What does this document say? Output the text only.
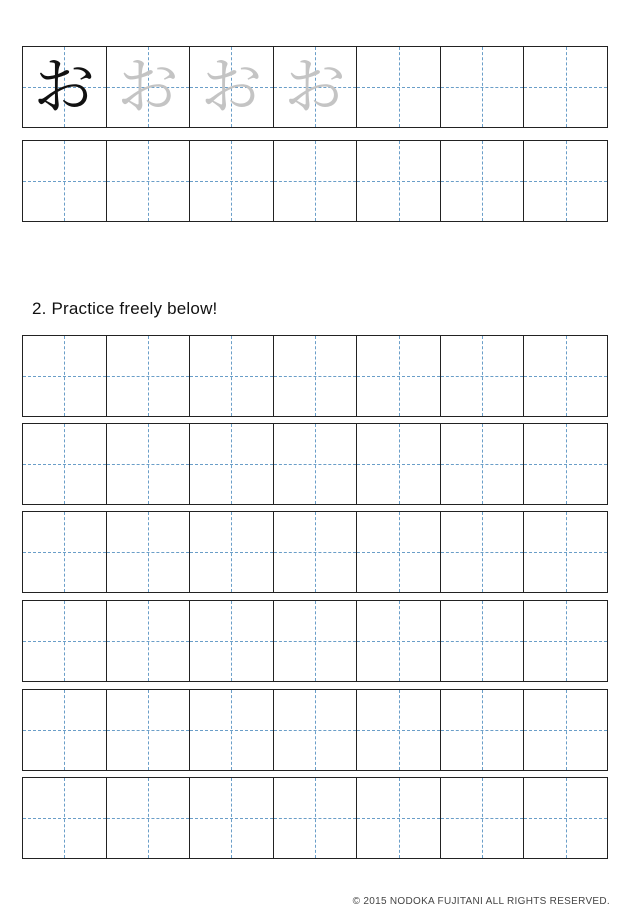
お お お お
2. Practice freely below!
© 2015 NODOKA FUJITANI ALL RIGHTS RESERVED.
